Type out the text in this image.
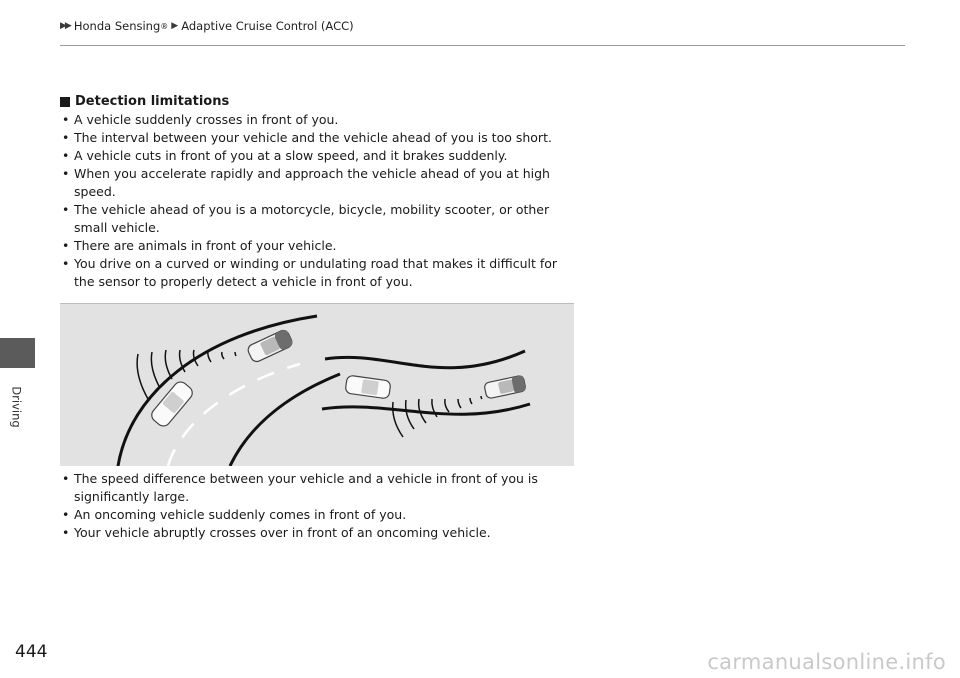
▶▶ Honda Sensing ® ▶ Adaptive Cruise Control (ACC)
Driving
Detection limitations
• A vehicle suddenly crosses in front of you.
• The interval between your vehicle and the vehicle ahead of you is too short.
• A vehicle cuts in front of you at a slow speed, and it brakes suddenly.
• When you accelerate rapidly and approach the vehicle ahead of you at high speed.
• The vehicle ahead of you is a motorcycle, bicycle, mobility scooter, or other small vehicle.
• There are animals in front of your vehicle.
• You drive on a curved or winding or undulating road that makes it difficult for the sensor to properly detect a vehicle in front of you.
• The speed difference between your vehicle and a vehicle in front of you is significantly large.
• An oncoming vehicle suddenly comes in front of you.
• Your vehicle abruptly crosses over in front of an oncoming vehicle.
444	carmanualsonline.info
